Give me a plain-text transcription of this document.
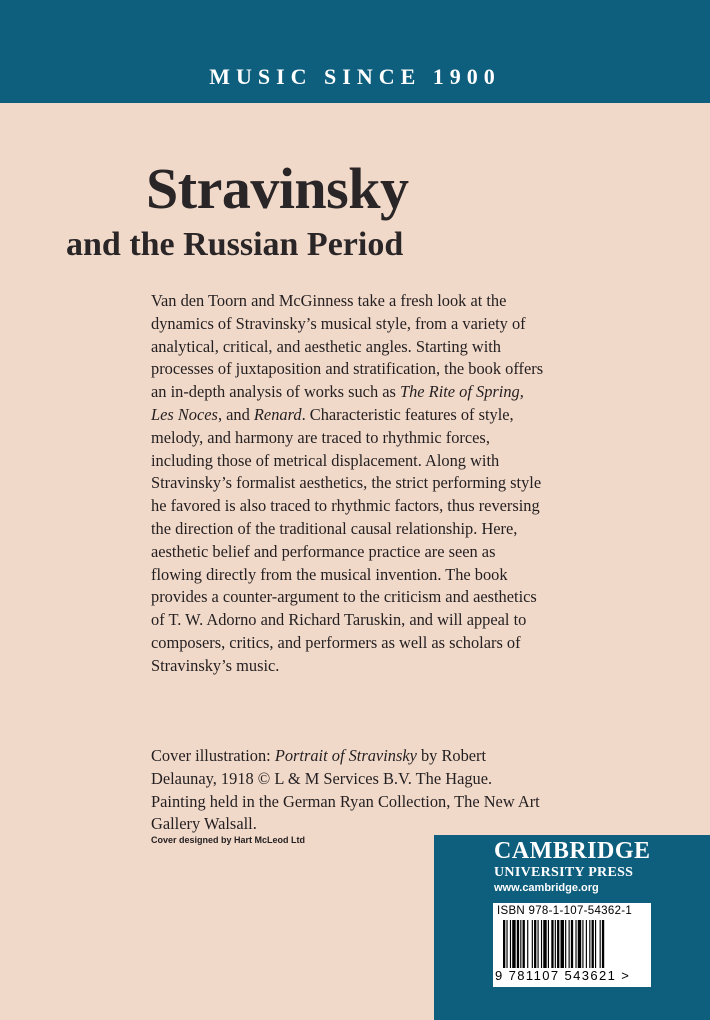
MUSIC SINCE 1900
Stravinsky
and the Russian Period

Van den Toorn and McGinness take a fresh look at the dynamics of Stravinsky’s musical style, from a variety of analytical, critical, and aesthetic angles. Starting with processes of juxtaposition and stratification, the book offers an in-depth analysis of works such as The Rite of Spring, Les Noces, and Renard. Characteristic features of style, melody, and harmony are traced to rhythmic forces, including those of metrical displacement. Along with Stravinsky’s formalist aesthetics, the strict performing style he favored is also traced to rhythmic factors, thus reversing the direction of the traditional causal relationship. Here, aesthetic belief and performance practice are seen as flowing directly from the musical invention. The book provides a counter-argument to the criticism and aesthetics of T. W. Adorno and Richard Taruskin, and will appeal to composers, critics, and performers as well as scholars of Stravinsky’s music.

Cover illustration: Portrait of Stravinsky by Robert Delaunay, 1918 © L & M Services B.V. The Hague. Painting held in the German Ryan Collection, The New Art Gallery Walsall.
Cover designed by Hart McLeod Ltd	CAMBRIDGE
UNIVERSITY PRESS
www.cambridge.org
ISBN 978-1-107-54362-1
9 781107 543621 >
